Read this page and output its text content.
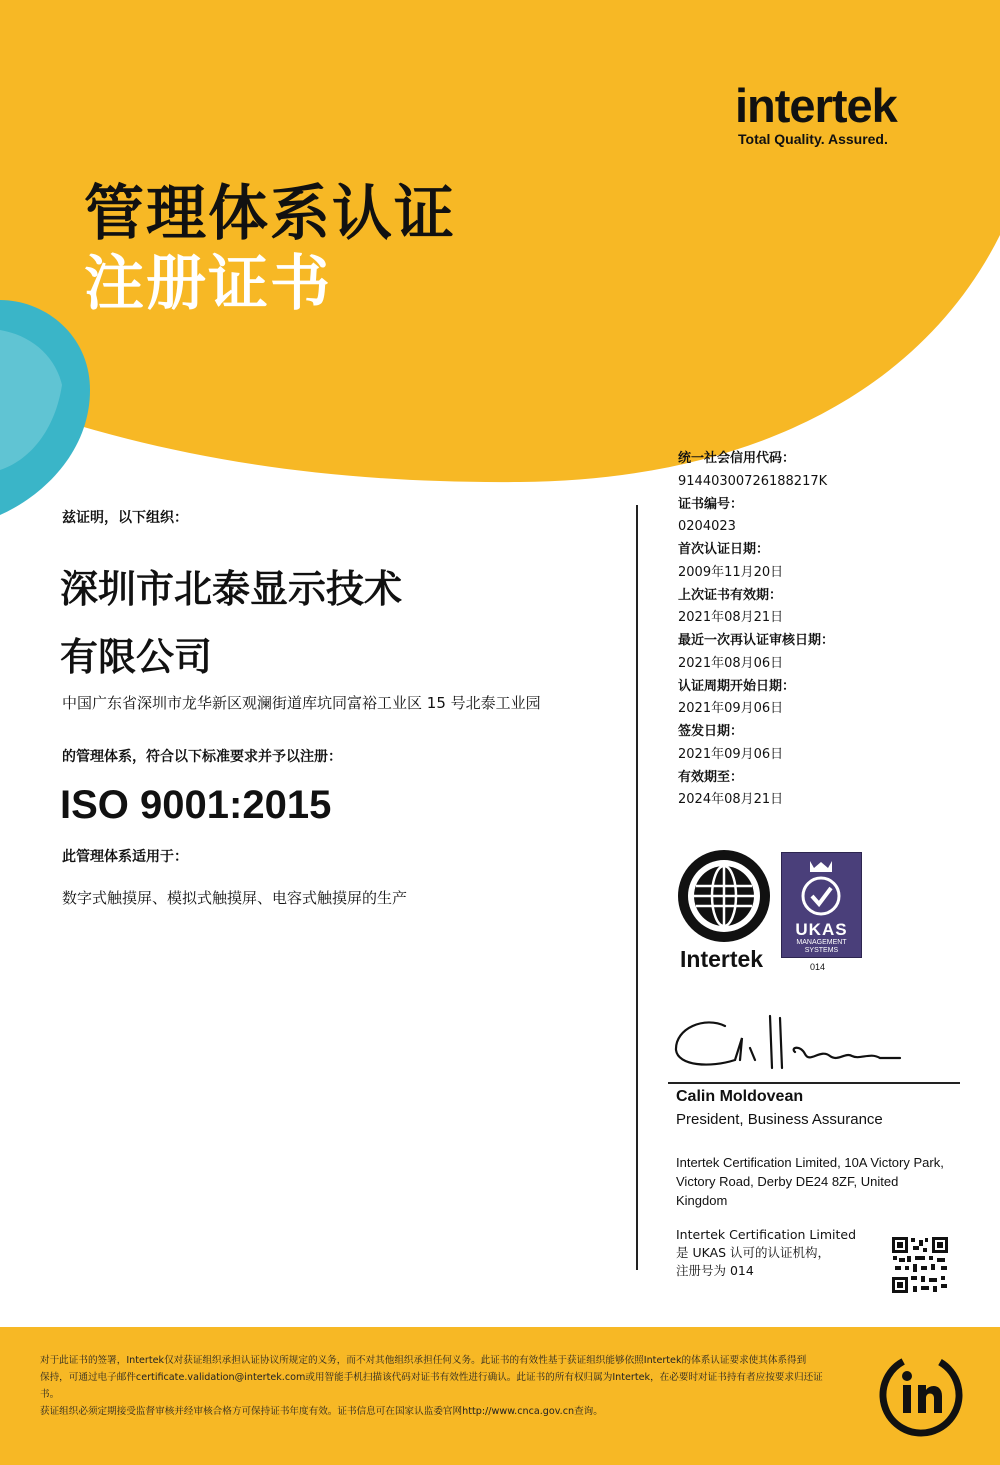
intertek
Total Quality. Assured.
管理体系认证
注册证书
兹证明，以下组织：
深圳市北泰显示技术
有限公司
中国广东省深圳市龙华新区观澜街道库坑同富裕工业区 15 号北泰工业园
的管理体系，符合以下标准要求并予以注册：
ISO 9001:2015
此管理体系适用于：
数字式触摸屏、模拟式触摸屏、电容式触摸屏的生产
统一社会信用代码：
91440300726188217K
证书编号：
0204023
首次认证日期：
2009年11月20日
上次证书有效期：
2021年08月21日
最近一次再认证审核日期：
2021年08月06日
认证周期开始日期：
2021年09月06日
签发日期：
2021年09月06日
有效期至：
2024年08月21日
Intertek
UKAS
MANAGEMENT
SYSTEMS
014
Calin Moldovean
President, Business Assurance
Intertek Certification Limited, 10A Victory Park, Victory Road, Derby DE24 8ZF, United Kingdom
Intertek Certification Limited
是 UKAS 认可的认证机构，
注册号为 014
对于此证书的签署，Intertek仅对获证组织承担认证协议所规定的义务，而不对其他组织承担任何义务。此证书的有效性基于获证组织能够依照Intertek的体系认证要求使其体系得到
保持，可通过电子邮件certificate.validation@intertek.com或用智能手机扫描该代码对证书有效性进行确认。此证书的所有权归属为Intertek，在必要时对证书持有者应按要求归还证
书。
获证组织必须定期接受监督审核并经审核合格方可保持证书年度有效。证书信息可在国家认监委官网http://www.cnca.gov.cn查询。
